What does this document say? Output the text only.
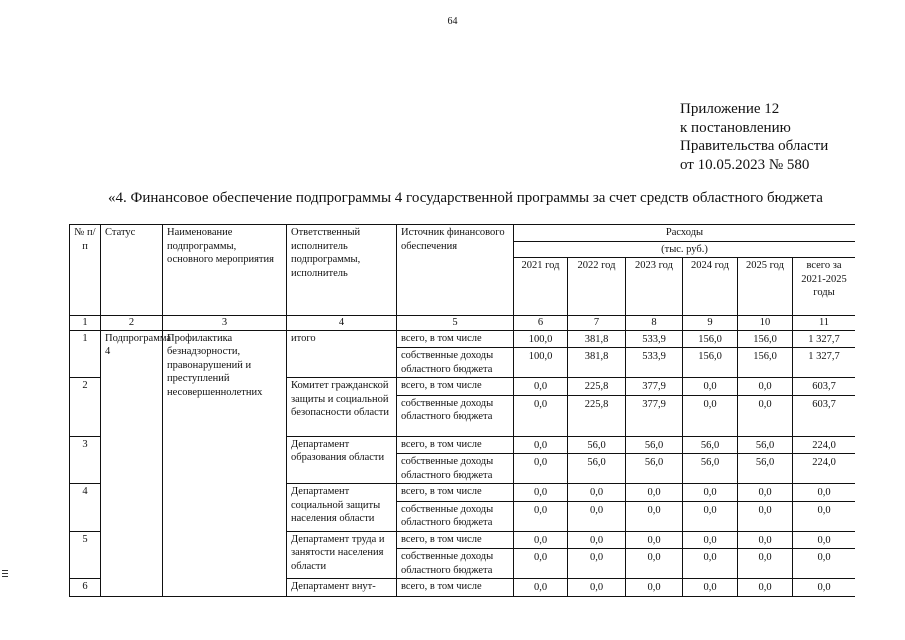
64
Приложение 12
к постановлению
Правительства области
от 10.05.2023 № 580
«4. Финансовое обеспечение подпрограммы 4 государственной программы за счет средств областного бюджета
№ п/п	Статус	Наименование подпрограммы, основного мероприятия	Ответственный исполнитель подпрограммы, исполнитель	Источник финансового обеспечения	Расходы					
					(тыс. руб.)					
					2021 год	2022 год	2023 год	2024 год	2025 год	всего за 2021-2025 годы
1	2	3	4	5	6	7	8	9	10	11
1	Подпрограмма 4	Профилактика безнадзорности, правонарушений и преступлений несовершеннолетних	итого	всего, в том числе	100,0	381,8	533,9	156,0	156,0	1 327,7
				собственные доходы областного бюджета	100,0	381,8	533,9	156,0	156,0	1 327,7
2			Комитет гражданской защиты и социальной безопасности области	всего, в том числе	0,0	225,8	377,9	0,0	0,0	603,7
				собственные доходы областного бюджета	0,0	225,8	377,9	0,0	0,0	603,7
3			Департамент образования области	всего, в том числе	0,0	56,0	56,0	56,0	56,0	224,0
				собственные доходы областного бюджета	0,0	56,0	56,0	56,0	56,0	224,0
4			Департамент социальной защиты населения области	всего, в том числе	0,0	0,0	0,0	0,0	0,0	0,0
				собственные доходы областного бюджета	0,0	0,0	0,0	0,0	0,0	0,0
5			Департамент труда и занятости населения области	всего, в том числе	0,0	0,0	0,0	0,0	0,0	0,0
				собственные доходы областного бюджета	0,0	0,0	0,0	0,0	0,0	0,0
6			Департамент внут-	всего, в том числе	0,0	0,0	0,0	0,0	0,0	0,0
